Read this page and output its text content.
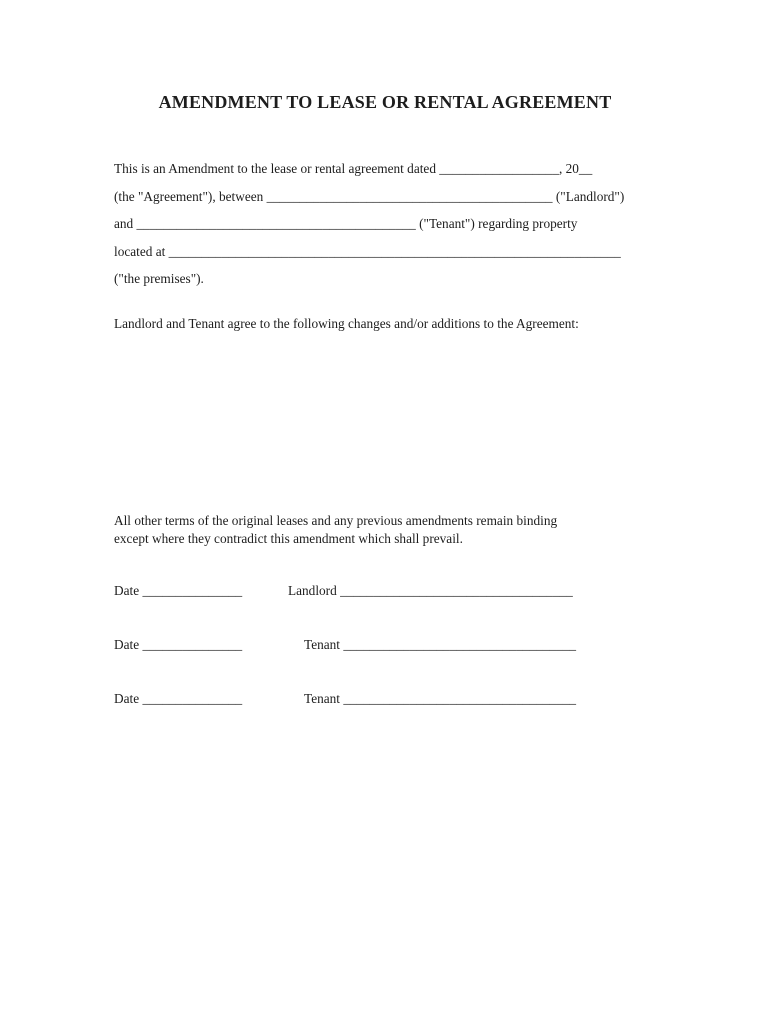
AMENDMENT TO LEASE OR RENTAL AGREEMENT
This is an Amendment to the lease or rental agreement dated __________________, 20__
(the "Agreement"), between ___________________________________________ ("Landlord")
and __________________________________________ ("Tenant") regarding property
located at ____________________________________________________________________
("the premises").
Landlord and Tenant agree to the following changes and/or additions to the Agreement:
All other terms of the original leases and any previous amendments remain binding
except where they contradict this amendment which shall prevail.
Date _______________	Landlord ___________________________________
Date _______________	Tenant ___________________________________
Date _______________	Tenant ___________________________________
